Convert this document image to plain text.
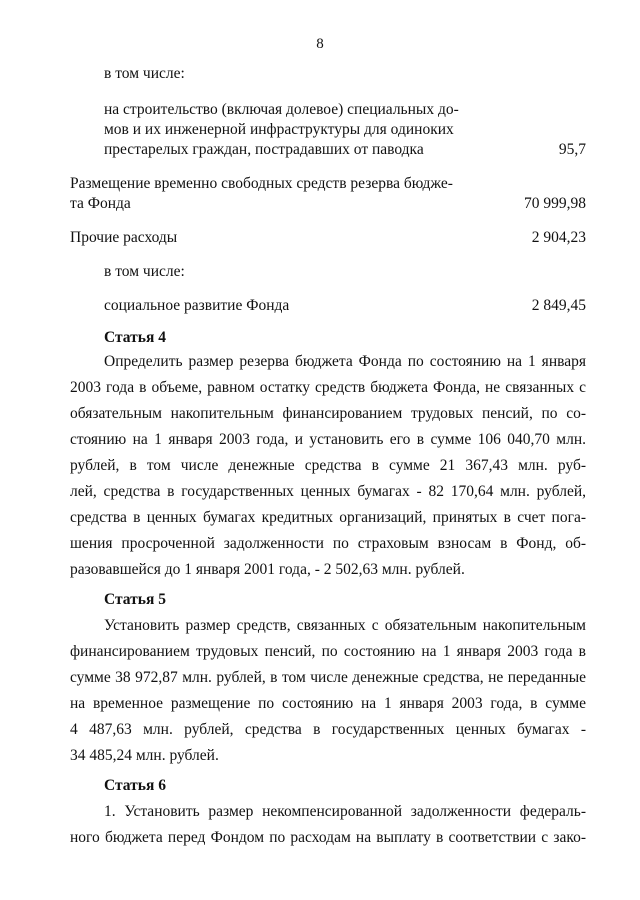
8
в том числе:
на строительство (включая долевое) специальных до-
мов и их инженерной инфраструктуры для одиноких
престарелых граждан, пострадавших от паводка	95,7
Размещение временно свободных средств резерва бюдже-
та Фонда	70 999,98
Прочие расходы	2 904,23
в том числе:
социальное развитие Фонда	2 849,45
Статья 4
Определить размер резерва бюджета Фонда по состоянию на 1 января
2003 года в объеме, равном остатку средств бюджета Фонда, не связанных с
обязательным накопительным финансированием трудовых пенсий, по со-
стоянию на 1 января 2003 года, и установить его в сумме 106 040,70 млн.
рублей, в том числе денежные средства в сумме 21 367,43 млн. руб-
лей, средства в государственных ценных бумагах - 82 170,64 млн. рублей,
средства в ценных бумагах кредитных организаций, принятых в счет пога-
шения просроченной задолженности по страховым взносам в Фонд, об-
разовавшейся до 1 января 2001 года, - 2 502,63 млн. рублей.
Статья 5
Установить размер средств, связанных с обязательным накопительным
финансированием трудовых пенсий, по состоянию на 1 января 2003 года в
сумме 38 972,87 млн. рублей, в том числе денежные средства, не переданные
на временное размещение по состоянию на 1 января 2003 года, в сумме
4 487,63 млн. рублей, средства в государственных ценных бумагах -
34 485,24 млн. рублей.
Статья 6
1. Установить размер некомпенсированной задолженности федераль-
ного бюджета перед Фондом по расходам на выплату в соответствии с зако-
